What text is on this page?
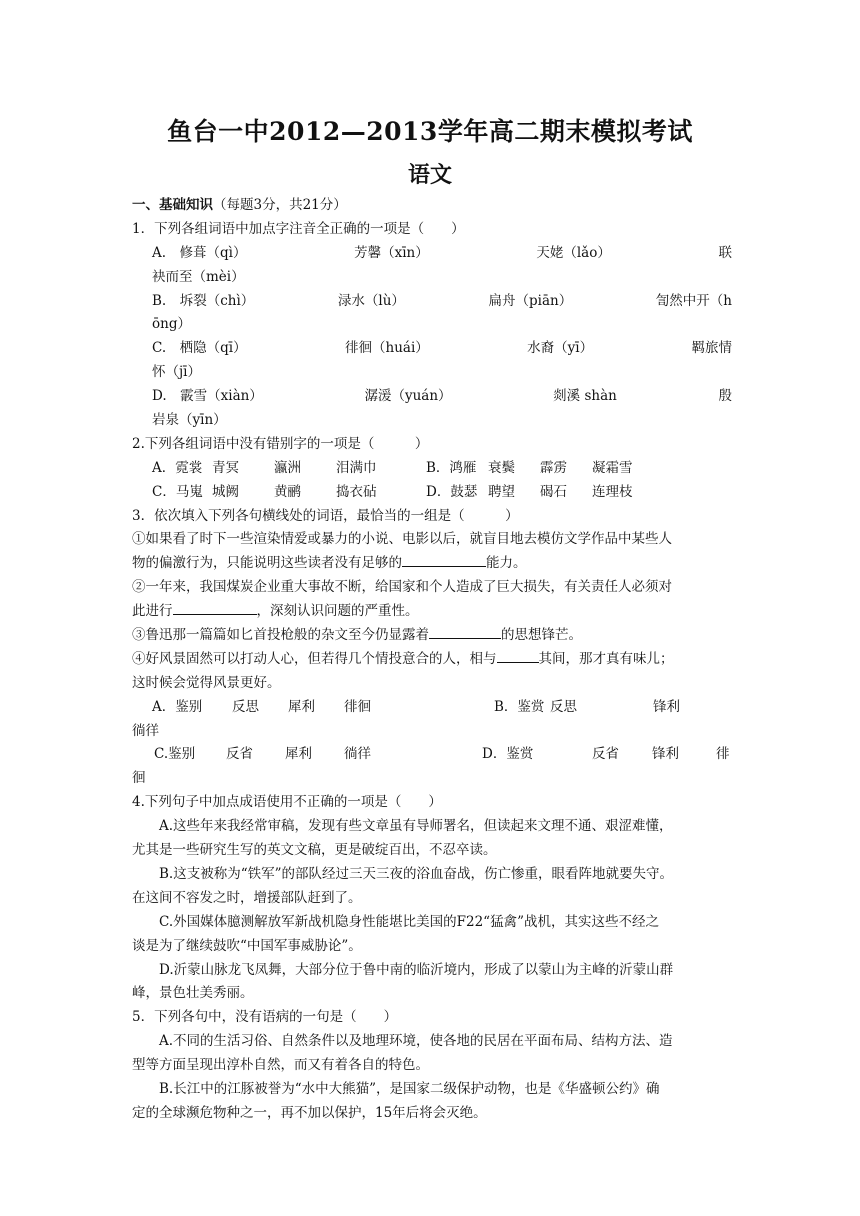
鱼台一中2012—2013学年高二期末模拟考试
语文
一、基础知识（每题3分，共21分）
1．下列各组词语中加点字注音全正确的一项是（　　）
A.　修葺（qì）	芳馨（xīn）	天姥（lǎo）	联
袂而至（mèi）
B.　坼裂（chì）	渌水（lù）	扁舟（piān）	訇然中开（h
ōng）
C.　栖隐（qī）	徘徊（huái）	水裔（yī）	羁旅情
怀（jī）
D.　霰雪（xiàn）	潺湲（yuán）	剡溪 shàn	殷
岩泉（yīn）
2.下列各组词语中没有错别字的一项是（　　　）
A．霓裳 青冥	瀛洲	泪满巾	B．鸿雁 衰鬓	霹雳	凝霜雪
C．马嵬 城阙	黄鹂	捣衣砧	D．鼓瑟 聘望	碣石	连理枝
3．依次填入下列各句横线处的词语，最恰当的一组是（　　　）
①如果看了时下一些渲染情爱或暴力的小说、电影以后，就盲目地去模仿文学作品中某些人
物的偏激行为，只能说明这些读者没有足够的	能力。
②一年来，我国煤炭企业重大事故不断，给国家和个人造成了巨大损失，有关责任人必须对
此进行	，深刻认识问题的严重性。
③鲁迅那一篇篇如匕首投枪般的杂文至今仍显露着	的思想锋芒。
④好风景固然可以打动人心，但若得几个情投意合的人，相与	其间，那才真有味儿；
这时候会觉得风景更好。
A．鉴别	反思	犀利	徘徊	B．鉴赏 反思	锋利
徜徉
C.鉴别	反省	犀利	徜徉	D．鉴赏	反省	锋利	徘
徊
4.下列句子中加点成语使用不正确的一项是（　　）
A.这些年来我经常审稿，发现有些文章虽有导师署名，但读起来文理不通、艰涩难懂，
尤其是一些研究生写的英文文稿，更是破绽百出，不忍卒读。
B.这支被称为“铁军”的部队经过三天三夜的浴血奋战，伤亡惨重，眼看阵地就要失守。
在这间不容发之时，增援部队赶到了。
C.外国媒体臆测解放军新战机隐身性能堪比美国的F22“猛禽”战机，其实这些不经之
谈是为了继续鼓吹“中国军事威胁论”。
D.沂蒙山脉龙飞凤舞，大部分位于鲁中南的临沂境内，形成了以蒙山为主峰的沂蒙山群
峰，景色壮美秀丽。
5．下列各句中，没有语病的一句是（　　）
A.不同的生活习俗、自然条件以及地理环境，使各地的民居在平面布局、结构方法、造
型等方面呈现出淳朴自然，而又有着各自的特色。
B.长江中的江豚被誉为“水中大熊猫”，是国家二级保护动物，也是《华盛顿公约》确
定的全球濒危物种之一，再不加以保护，15年后将会灭绝。
